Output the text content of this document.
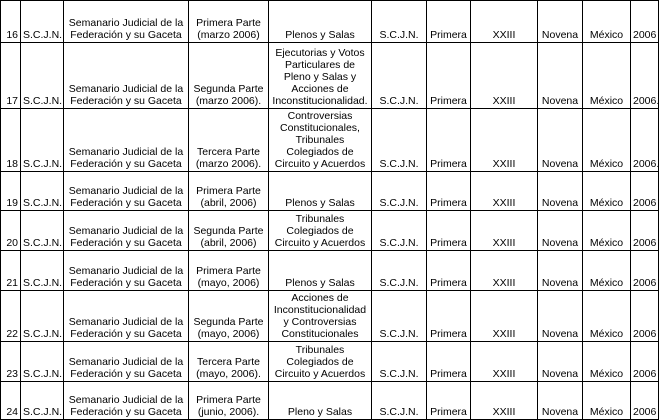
16	S.C.J.N.	Semanario Judicial de la
Federación y su Gaceta	Primera Parte
(marzo 2006)	Plenos y Salas	S.C.J.N.	Primera	XXIII	Novena	México	2006
17	S.C.J.N.	Semanario Judicial de la
Federación y su Gaceta	Segunda Parte
(marzo 2006).	Ejecutorias y Votos
Particulares de
Pleno y Salas y
Acciones de
Inconstitucionalidad.	S.C.J.N.	Primera	XXIII	Novena	México	2006.
18	S.C.J.N.	Semanario Judicial de la
Federación y su Gaceta	Tercera Parte
(marzo 2006).	Controversias
Constitucionales,
Tribunales
Colegiados de
Circuito y Acuerdos	S.C.J.N.	Primera	XXIII	Novena	México	2006.
19	S.C.J.N.	Semanario Judicial de la
Federación y su Gaceta	Primera Parte
(abril, 2006)	Plenos y Salas	S.C.J.N.	Primera	XXIII	Novena	México	2006
20	S.C.J.N.	Semanario Judicial de la
Federación y su Gaceta	Segunda Parte
(abril, 2006)	Tribunales
Colegiados de
Circuito y Acuerdos	S.C.J.N.	Primera	XXIII	Novena	México	2006
21	S.C.J.N.	Semanario Judicial de la
Federación y su Gaceta	Primera Parte
(mayo, 2006)	Plenos y Salas	S.C.J.N.	Primera	XXIII	Novena	México	2006
22	S.C.J.N.	Semanario Judicial de la
Federación y su Gaceta	Segunda Parte
(mayo, 2006)	Acciones de
Inconstitucionalidad
y Controversias
Constitucionales	S.C.J.N.	Primera	XXIII	Novena	México	2006
23	S.C.J.N.	Semanario Judicial de la
Federación y su Gaceta	Tercera Parte
(mayo, 2006).	Tribunales
Colegiados de
Circuito y Acuerdos	S.C.J.N.	Primera	XXIII	Novena	México	2006
24	S.C.J.N.	Semanario Judicial de la
Federación y su Gaceta	Primera Parte
(junio, 2006).	Pleno y Salas	S.C.J.N.	Primera	XXIII	Novena	México	2006
